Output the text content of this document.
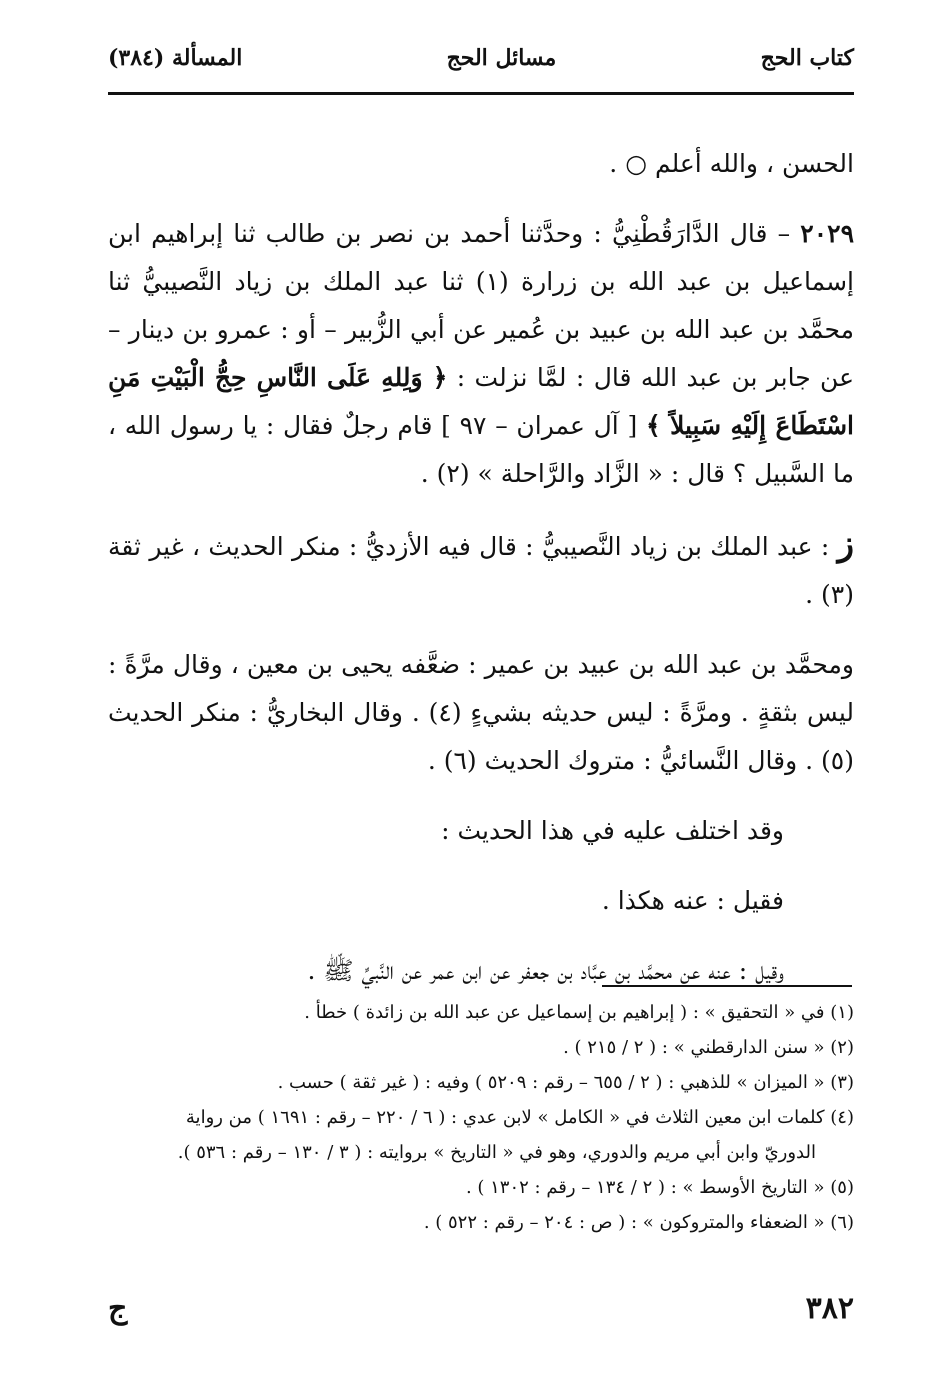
كتاب الحج
مسائل الحج
المسألة (٣٨٤)

الحسن ، والله أعلم ○ .

٢٠٢٩ – قال الدَّارَقُطْنِيُّ : وحدَّثنا أحمد بن نصر بن طالب ثنا إبراهيم ابن إسماعيل بن عبد الله بن زرارة (١) ثنا عبد الملك بن زياد النَّصيبيُّ ثنا محمَّد بن عبد الله بن عبيد بن عُمير عن أبي الزُّبير – أو : عمرو بن دينار – عن جابر بن عبد الله قال : لمَّا نزلت : ﴿ وَلِلهِ عَلَى النَّاسِ حِجُّ الْبَيْتِ مَنِ اسْتَطَاعَ إِلَيْهِ سَبِيلاً ﴾ [ آل عمران – ٩٧ ] قام رجلٌ فقال : يا رسول الله ، ما السَّبيل ؟ قال : « الزَّاد والرَّاحلة » (٢) .

ز : عبد الملك بن زياد النَّصيبيُّ : قال فيه الأزديُّ : منكر الحديث ، غير ثقة (٣) .

ومحمَّد بن عبد الله بن عبيد بن عمير : ضعَّفه يحيى بن معين ، وقال مرَّةً : ليس بثقةٍ . ومرَّةً : ليس حديثه بشيءٍ (٤) . وقال البخاريُّ : منكر الحديث (٥) . وقال النَّسائيُّ : متروك الحديث (٦) .

وقد اختلف عليه في هذا الحديث :

فقيل : عنه هكذا .

وقيل : عنه عن محمَّد بن عبَّاد بن جعفر عن ابن عمر عن النَّبيِّ ﷺ .

(١) في « التحقيق » : ( إبراهيم بن إسماعيل عن عبد الله بن زائدة ) خطأ .

(٢) « سنن الدارقطني » : ( ٢ / ٢١٥ ) .

(٣) « الميزان » للذهبي : ( ٢ / ٦٥٥ – رقم : ٥٢٠٩ ) وفيه : ( غير ثقة ) حسب .

(٤) كلمات ابن معين الثلاث في « الكامل » لابن عدي : ( ٦ / ٢٢٠ – رقم : ١٦٩١ ) من رواية

الدوريّ وابن أبي مريم والدوري، وهو في « التاريخ » بروايته : ( ٣ / ١٣٠ – رقم : ٥٣٦ ).

(٥) « التاريخ الأوسط » : ( ٢ / ١٣٤ – رقم : ١٣٠٢ ) .

(٦) « الضعفاء والمتروكون » : ( ص : ٢٠٤ – رقم : ٥٢٢ ) .

٣٨٢
ج
